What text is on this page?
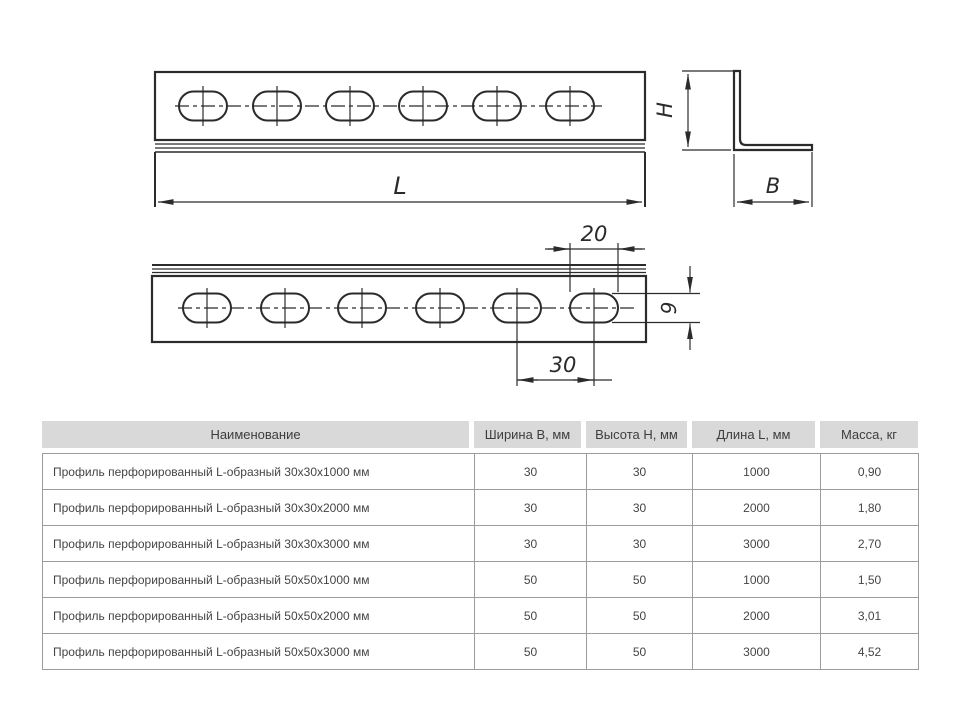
L
H
B
20
30
9
Наименование	Ширина B, мм	Высота H, мм	Длина L, мм	Масса, кг
Профиль перфорированный L-образный 30х30х1000 мм	30	30	1000	0,90
Профиль перфорированный L-образный 30х30х2000 мм	30	30	2000	1,80
Профиль перфорированный L-образный 30х30х3000 мм	30	30	3000	2,70
Профиль перфорированный L-образный 50х50х1000 мм	50	50	1000	1,50
Профиль перфорированный L-образный 50х50х2000 мм	50	50	2000	3,01
Профиль перфорированный L-образный 50х50х3000 мм	50	50	3000	4,52
